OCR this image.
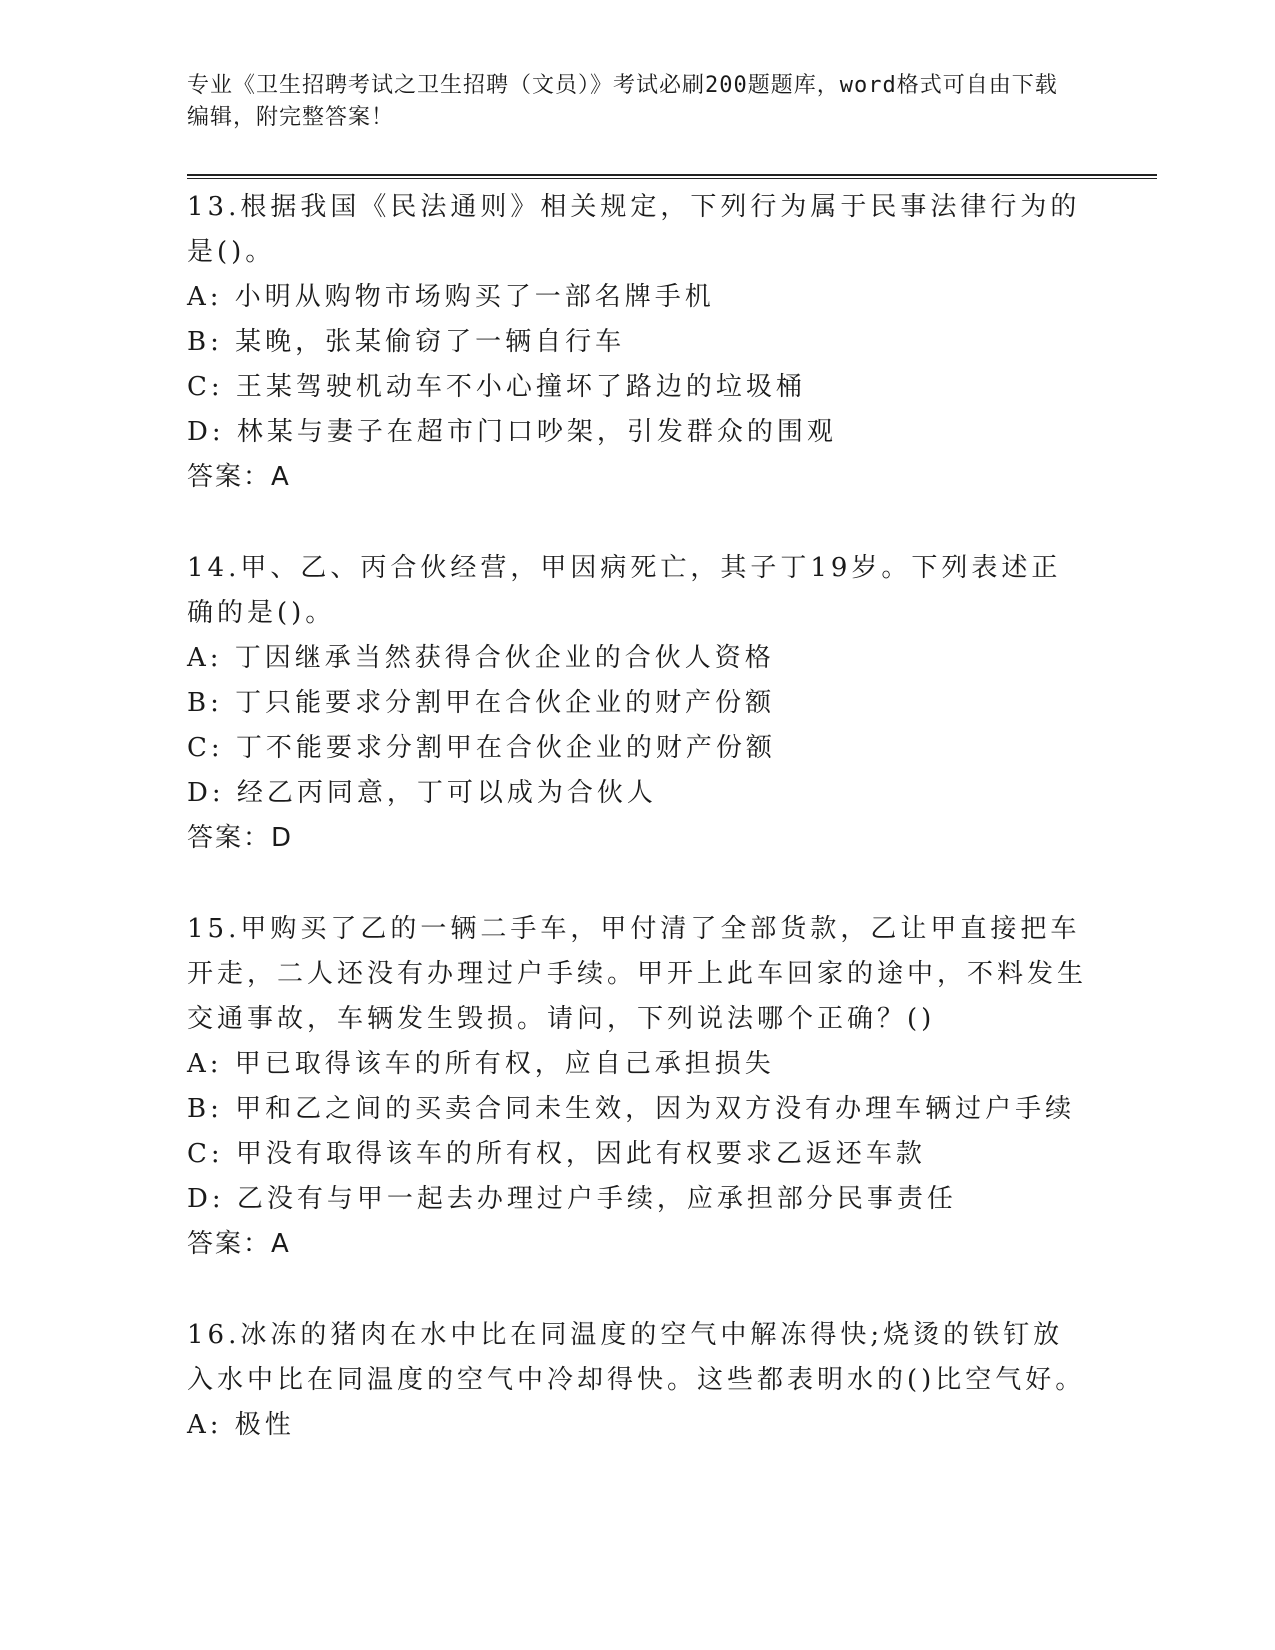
专业《卫生招聘考试之卫生招聘（文员）》考试必刷200题题库，word格式可自由下载编辑，附完整答案！

13.根据我国《民法通则》相关规定，下列行为属于民事法律行为的是()。

A: 小明从购物市场购买了一部名牌手机

B: 某晚，张某偷窃了一辆自行车

C: 王某驾驶机动车不小心撞坏了路边的垃圾桶

D: 林某与妻子在超市门口吵架，引发群众的围观

答案：A

14.甲、乙、丙合伙经营，甲因病死亡，其子丁19岁。下列表述正确的是()。

A: 丁因继承当然获得合伙企业的合伙人资格

B: 丁只能要求分割甲在合伙企业的财产份额

C: 丁不能要求分割甲在合伙企业的财产份额

D: 经乙丙同意，丁可以成为合伙人

答案：D

15.甲购买了乙的一辆二手车，甲付清了全部货款，乙让甲直接把车开走，二人还没有办理过户手续。甲开上此车回家的途中，不料发生交通事故，车辆发生毁损。请问，下列说法哪个正确？()

A: 甲已取得该车的所有权，应自己承担损失

B: 甲和乙之间的买卖合同未生效，因为双方没有办理车辆过户手续

C: 甲没有取得该车的所有权，因此有权要求乙返还车款

D: 乙没有与甲一起去办理过户手续，应承担部分民事责任

答案：A

16.冰冻的猪肉在水中比在同温度的空气中解冻得快;烧烫的铁钉放入水中比在同温度的空气中冷却得快。这些都表明水的()比空气好。

A: 极性
